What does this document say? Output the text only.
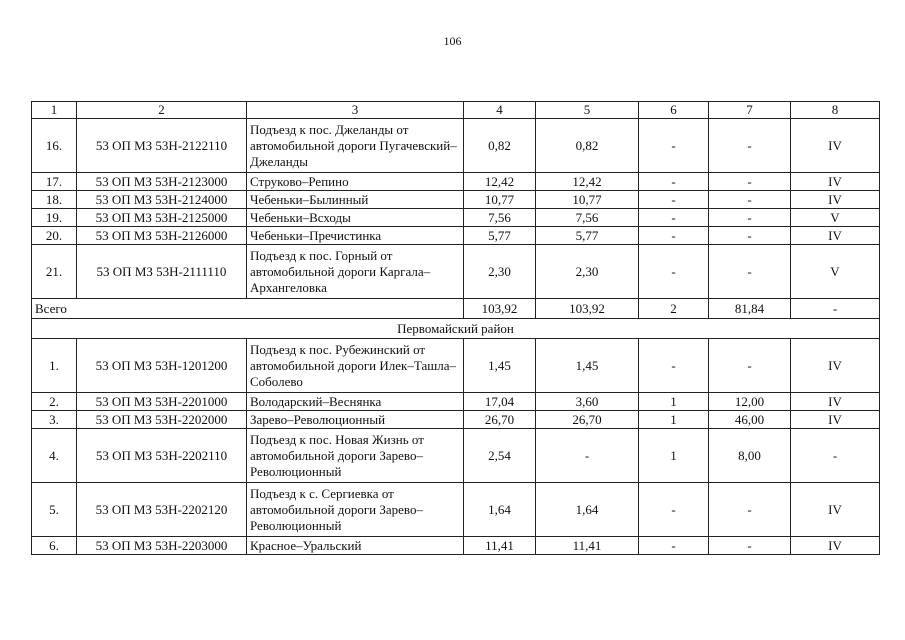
106
1	2	3	4	5	6	7	8
16.	53 ОП МЗ 53Н-2122110	Подъезд к пос. Джеланды от автомобильной дороги Пугачевский–Джеланды	0,82	0,82	-	-	IV
17.	53 ОП МЗ 53Н-2123000	Струково–Репино	12,42	12,42	-	-	IV
18.	53 ОП МЗ 53Н-2124000	Чебеньки–Былинный	10,77	10,77	-	-	IV
19.	53 ОП МЗ 53Н-2125000	Чебеньки–Всходы	7,56	7,56	-	-	V
20.	53 ОП МЗ 53Н-2126000	Чебеньки–Пречистинка	5,77	5,77	-	-	IV
21.	53 ОП МЗ 53Н-2111110	Подъезд к пос. Горный от автомобильной дороги Каргала–Архангеловка	2,30	2,30	-	-	V
Всего			103,92	103,92	2	81,84	-
Первомайский район							
1.	53 ОП МЗ 53Н-1201200	Подъезд к пос. Рубежинский от автомобильной дороги Илек–Ташла–Соболево	1,45	1,45	-	-	IV
2.	53 ОП МЗ 53Н-2201000	Володарский–Веснянка	17,04	3,60	1	12,00	IV
3.	53 ОП МЗ 53Н-2202000	Зарево–Революционный	26,70	26,70	1	46,00	IV
4.	53 ОП МЗ 53Н-2202110	Подъезд к пос. Новая Жизнь от автомобильной дороги Зарево–Революционный	2,54	-	1	8,00	-
5.	53 ОП МЗ 53Н-2202120	Подъезд к с. Сергиевка от автомобильной дороги Зарево–Революционный	1,64	1,64	-	-	IV
6.	53 ОП МЗ 53Н-2203000	Красное–Уральский	11,41	11,41	-	-	IV
